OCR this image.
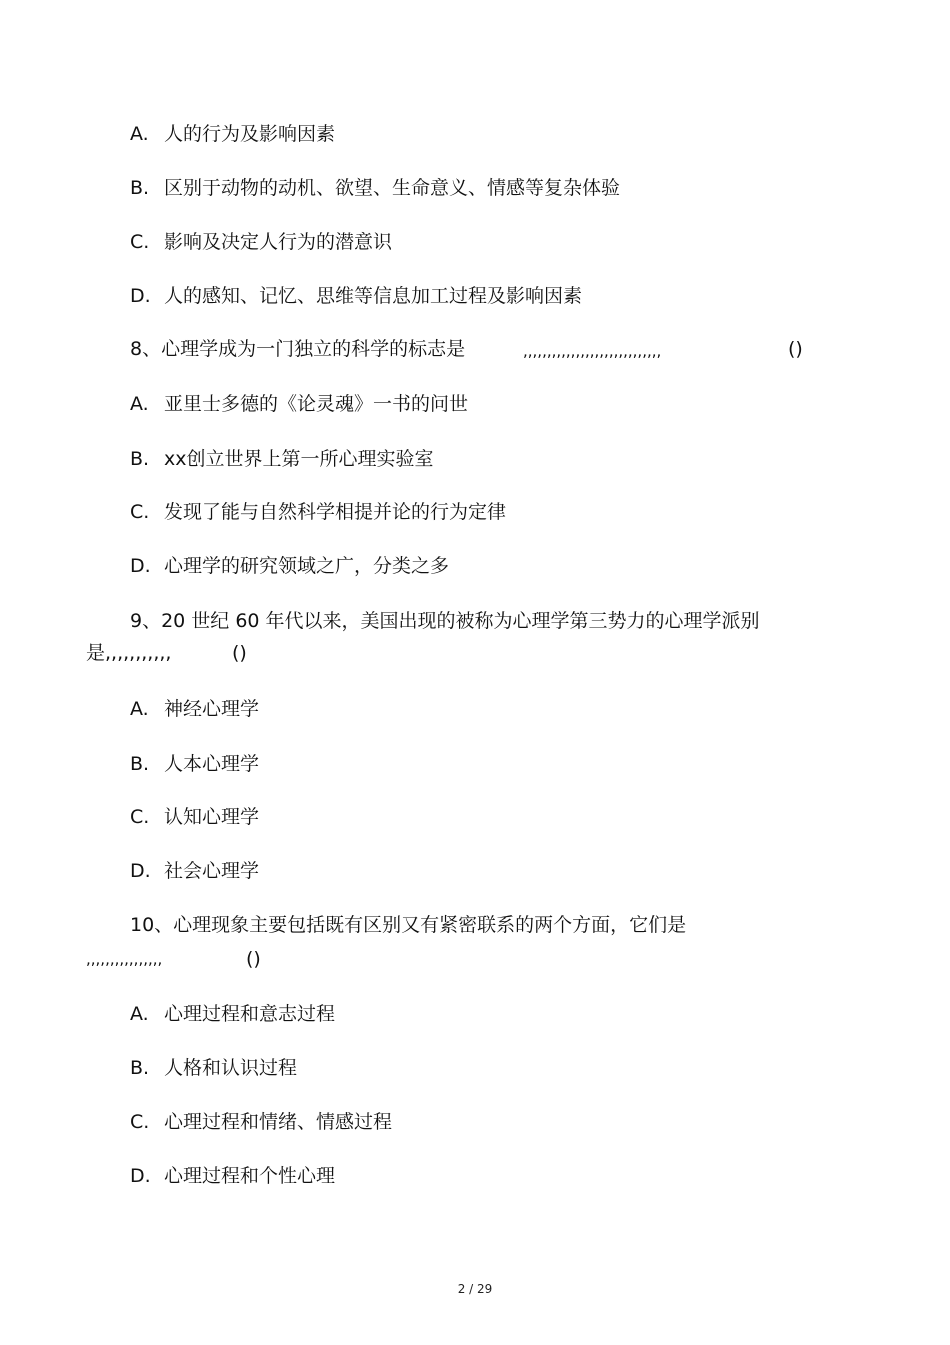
A. 人的行为及影响因素
B. 区别于动物的动机、欲望、生命意义、情感等复杂体验
C. 影响及决定人行为的潜意识
D. 人的感知、记忆、思维等信息加工过程及影响因素
8、心理学成为一门独立的科学的标志是	,,,,,,,,,,,,,,,,,,,,,,,,,,,,,	()
A. 亚里士多德的《论灵魂》一书的问世
B. xx创立世界上第一所心理实验室
C. 发现了能与自然科学相提并论的行为定律
D. 心理学的研究领域之广，分类之多
9、20 世纪 60 年代以来，美国出现的被称为心理学第三势力的心理学派别
是,,,,,,,,,,,	()
A. 神经心理学
B. 人本心理学
C. 认知心理学
D. 社会心理学
10、心理现象主要包括既有区别又有紧密联系的两个方面，它们是
,,,,,,,,,,,,,,,,	()
A. 心理过程和意志过程
B. 人格和认识过程
C. 心理过程和情绪、情感过程
D. 心理过程和个性心理
2 / 29
